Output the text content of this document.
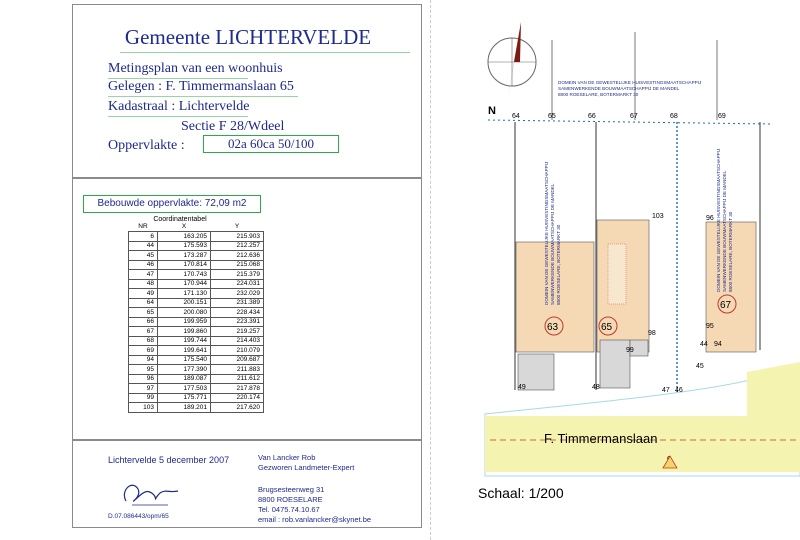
Gemeente LICHTERVELDE
Metingsplan van een woonhuis
Gelegen : F. Timmermanslaan 65
Kadastraal : Lichtervelde
Sectie F 28/Wdeel
Oppervlakte :	02a 60ca 50/100
Bebouwde oppervlakte: 72,09 m2
Coordinatentabel
NR	X	Y
6	163.205	215.903
44	175.593	212.257
45	173.287	212.636
46	170.814	215.068
47	170.743	215.379
48	170.944	224.031
49	171.130	232.029
64	200.151	231.389
65	200.080	228.434
66	199.959	223.391
67	199.860	219.257
68	199.744	214.403
69	199.641	210.079
94	175.540	209.687
95	177.390	211.883
96	189.087	211.612
97	177.503	217.878
99	175.771	220.174
103	189.201	217.620
Lichtervelde 5 december 2007	Van Lancker Rob
Gezworen Landmeter-Expert
Brugsesteenweg 31
8800 ROESELARE
Tel. 0475.74.10.67
email : rob.vanlancker@skynet.be
D.07.086443/opm/65
N
F. Timmermanslaan
63	65
67
DOMEIN VAN DE GEWESTELIJKE HUISVESTINGSMAATSCHAPPIJ
SAMENWERKENDE BOUWMAATSCHAPPIJ DE MANDEL
8800 ROESELARE, BOTERMARKT 30
DOMEIN VAN DE GEWESTELIJKE HUISVESTINGSMAATSCHAPPIJ SAMENWERKENDE BOUWMAATSCHAPPIJ DE MANDEL 8800 ROESELARE, BOTERMARKT 30	DOMEIN VAN DE GEWESTELIJKE HUISVESTINGSMAATSCHAPPIJ SAMENWERKENDE BOUWMAATSCHAPPIJ DE MANDEL 8800 ROESELARE, BOTERMARKT 30
64	65	66	67	68	69
103	96
98
99
95
44 94
45
47 46
49	48
Schaal: 1/200
